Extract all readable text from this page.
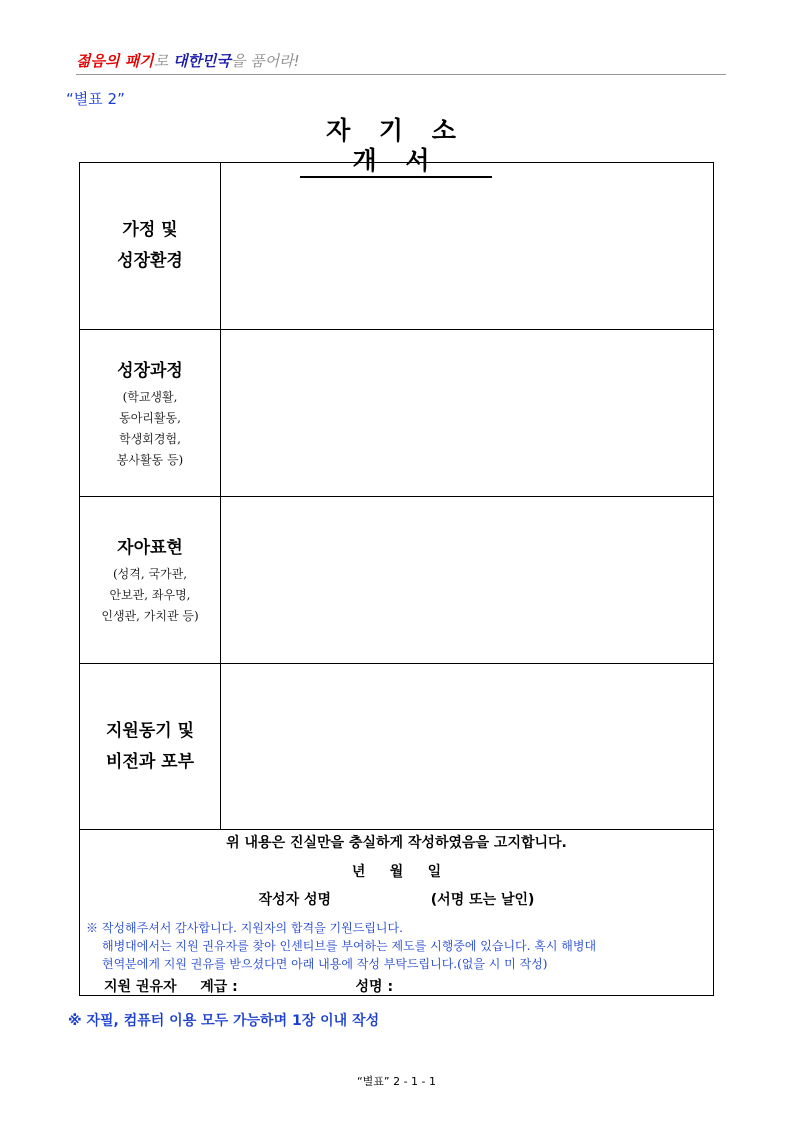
젊음의 패기로 대한민국을 품어라!
“별표 2”
자 기 소 개 서
가정 및
성장환경
성장과정
(학교생활,
동아리활동,
학생회경험,
봉사활동 등)
자아표현
(성격, 국가관,
안보관, 좌우명,
인생관, 가치관 등)
지원동기 및
비전과 포부
위 내용은 진실만을 충실하게 작성하였음을 고지합니다.
년     월     일
작성자 성명	(서명 또는 날인)
※ 작성해주셔서 감사합니다. 지원자의 합격을 기원드립니다.
해병대에서는 지원 권유자를 찾아 인센티브를 부여하는 제도를 시행중에 있습니다. 혹시 해병대
현역분에게 지원 권유를 받으셨다면 아래 내용에 작성 부탁드립니다.(없을 시 미 작성)
지원 권유자 계급 :	성명 :
※ 자필, 컴퓨터 이용 모두 가능하며 1장 이내 작성
“별표” 2 - 1 - 1
